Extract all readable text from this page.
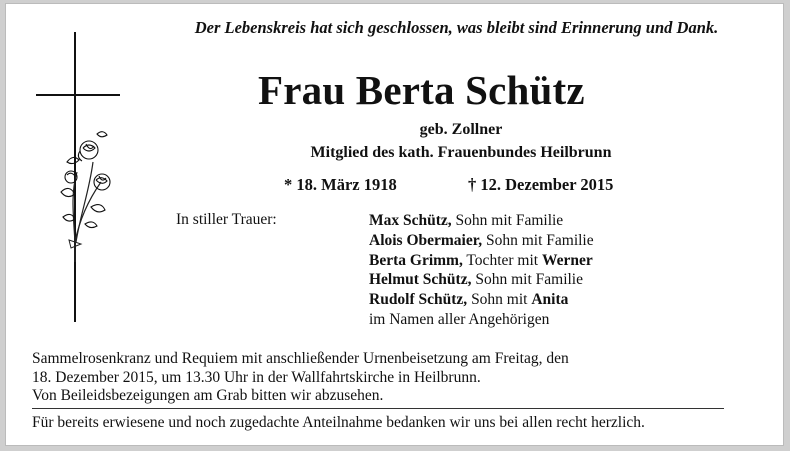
Der Lebenskreis hat sich geschlossen, was bleibt sind Erinnerung und Dank.
Frau Berta Schütz
geb. Zollner
Mitglied des kath. Frauenbundes Heilbrunn
* 18. März 1918	† 12. Dezember 2015
In stiller Trauer:	Max Schütz, Sohn mit Familie
Alois Obermaier, Sohn mit Familie
Berta Grimm, Tochter mit Werner
Helmut Schütz, Sohn mit Familie
Rudolf Schütz, Sohn mit Anita
im Namen aller Angehörigen
Sammelrosenkranz und Requiem mit anschließender Urnenbeisetzung am Freitag, den
18. Dezember 2015, um 13.30 Uhr in der Wallfahrtskirche in Heilbrunn.
Von Beileidsbezeigungen am Grab bitten wir abzusehen.
Für bereits erwiesene und noch zugedachte Anteilnahme bedanken wir uns bei allen recht herzlich.
